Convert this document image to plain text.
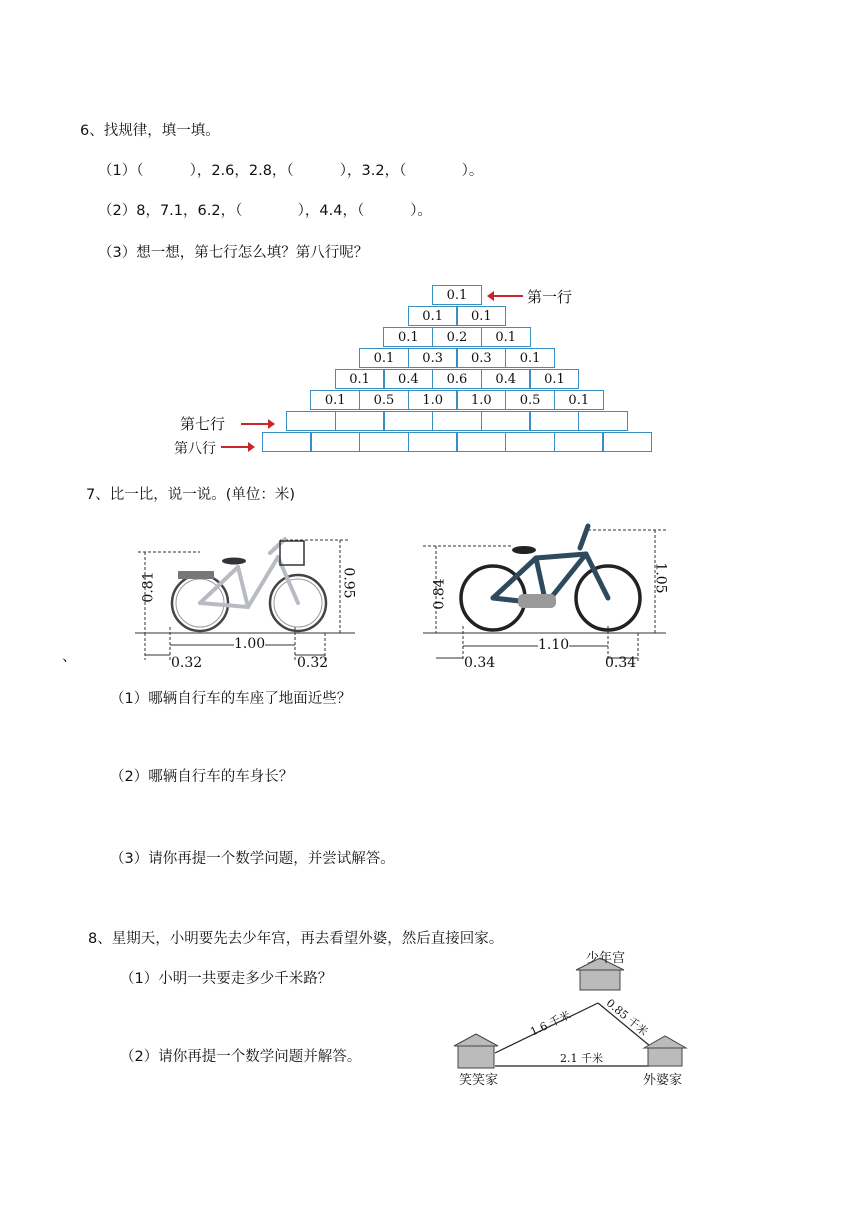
6、找规律，填一填。
（1）（          ），2.6，2.8，（          ），3.2，（            ）。
（2）8，7.1，6.2，（            ），4.4，（          ）。
（3）想一想，第七行怎么填？第八行呢？
0.1
0.1	0.1
0.1	0.2	0.1
0.1	0.3	0.3	0.1
0.1	0.4	0.6	0.4	0.1
0.1	0.5	1.0	1.0	0.5	0.1
第一行
第七行
第八行
7、比一比，说一说。(单位：米)
、
0.81	0.95
1.00
0.32	0.32
0.84
1.05
1.10
0.34	0.34
（1）哪辆自行车的车座了地面近些？
（2）哪辆自行车的车身长？
（3）请你再提一个数学问题，并尝试解答。
8、星期天，小明要先去少年宫，再去看望外婆，然后直接回家。
（1）小明一共要走多少千米路？
（2）请你再提一个数学问题并解答。
少年宫
笑笑家	外婆家
1.6 千米	0.85 千米
2.1 千米
